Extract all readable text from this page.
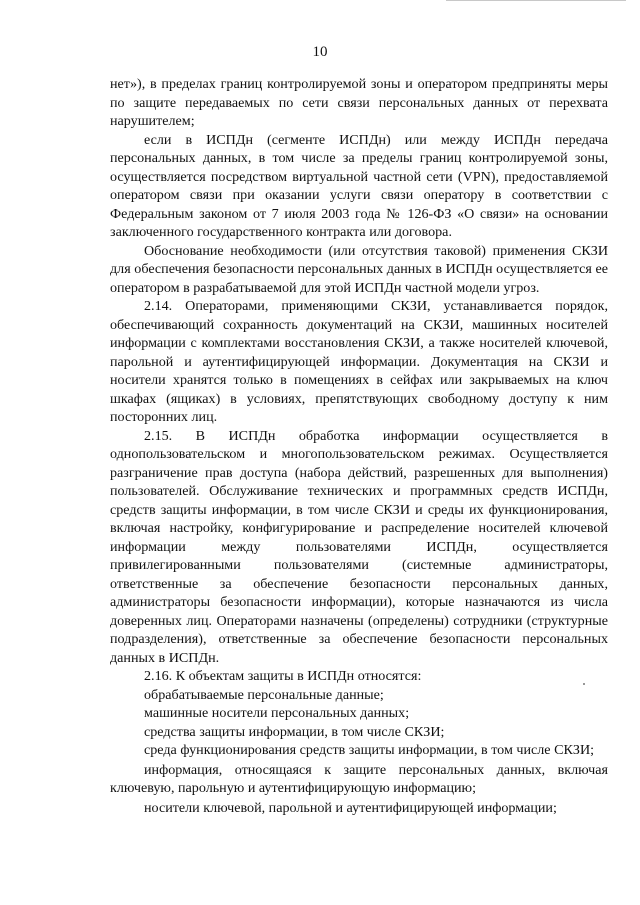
10

нет»), в пределах границ контролируемой зоны и оператором предприняты меры по защите передаваемых по сети связи персональных данных от перехвата нарушителем;

если в ИСПДн (сегменте ИСПДн) или между ИСПДн передача персональных данных, в том числе за пределы границ контролируемой зоны, осуществляется посредством виртуальной частной сети (VPN), предоставляемой оператором связи при оказании услуги связи оператору в соответствии с Федеральным законом от 7 июля 2003 года № 126-ФЗ «О связи» на основании заключенного государственного контракта или договора.

Обоснование необходимости (или отсутствия таковой) применения СКЗИ для обеспечения безопасности персональных данных в ИСПДн осуществляется ее оператором в разрабатываемой для этой ИСПДн частной модели угроз.

2.14. Операторами, применяющими СКЗИ, устанавливается порядок, обеспечивающий сохранность документаций на СКЗИ, машинных носителей информации с комплектами восстановления СКЗИ, а также носителей ключевой, парольной и аутентифицирующей информации. Документация на СКЗИ и носители хранятся только в помещениях в сейфах или закрываемых на ключ шкафах (ящиках) в условиях, препятствующих свободному доступу к ним посторонних лиц.

2.15. В ИСПДн обработка информации осуществляется в однопользовательском и многопользовательском режимах. Осуществляется разграничение прав доступа (набора действий, разрешенных для выполнения) пользователей. Обслуживание технических и программных средств ИСПДн, средств защиты информации, в том числе СКЗИ и среды их функционирования, включая настройку, конфигурирование и распределение носителей ключевой информации между пользователями ИСПДн, осуществляется привилегированными пользователями (системные администраторы, ответственные за обеспечение безопасности персональных данных, администраторы безопасности информации), которые назначаются из числа доверенных лиц. Операторами назначены (определены) сотрудники (структурные подразделения), ответственные за обеспечение безопасности персональных данных в ИСПДн.

2.16. К объектам защиты в ИСПДн относятся:

обрабатываемые персональные данные;

машинные носители персональных данных;

средства защиты информации, в том числе СКЗИ;

среда функционирования средств защиты информации, в том числе СКЗИ;

информация, относящаяся к защите персональных данных, включая ключевую, парольную и аутентифицирующую информацию;

носители ключевой, парольной и аутентифицирующей информации;
